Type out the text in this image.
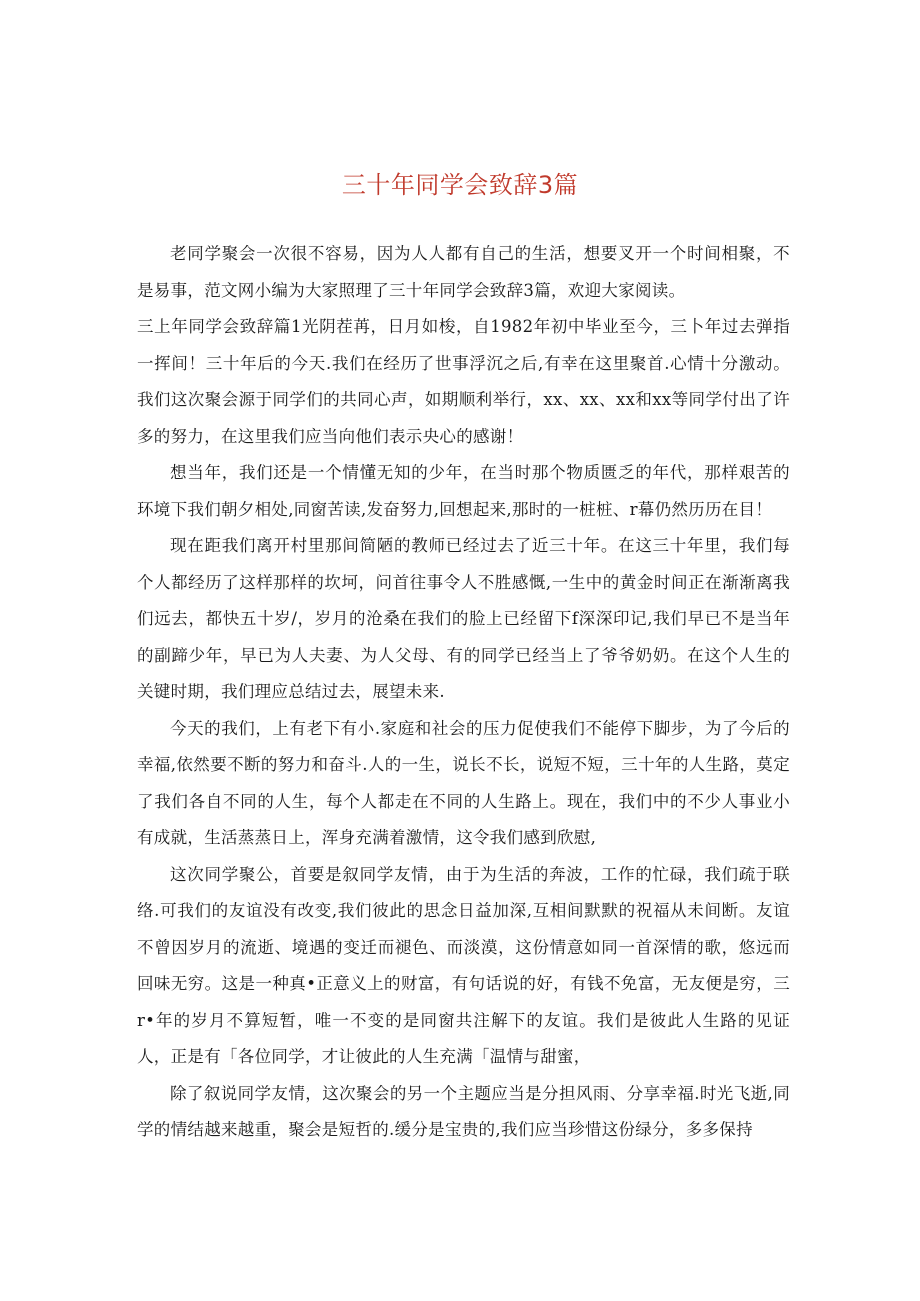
三十年同学会致辞3篇

老同学聚会一次很不容易，因为人人都有自己的生活，想要叉开一个时间相聚，不是易事，范文网小编为大家照理了三十年同学会致辞3篇，欢迎大家阅读。

三上年同学会致辞篇1光阴茬苒，日月如梭，自1982年初中毕业至今，三卜年过去弹指一挥间！三十年后的今天.我们在经历了世事浮沉之后,有幸在这里聚首.心情十分激动。我们这次聚会源于同学们的共同心声，如期顺利举行，xx、xx、xx和xx等同学付出了许多的努力，在这里我们应当向他们表示央心的感谢！

想当年，我们还是一个情懂无知的少年，在当时那个物质匮乏的年代，那样艰苦的环境下我们朝夕相处,同窗苦读,发奋努力,回想起来,那时的一桩桩、r幕仍然历历在目！

现在距我们离开村里那间简陋的教师已经过去了近三十年。在这三十年里，我们每个人都经历了这样那样的坎坷，问首往事令人不胜感慨,一生中的黄金时间正在渐渐离我们远去，都快五十岁/，岁月的沧桑在我们的脸上已经留下f深深印记,我们早已不是当年的副蹄少年，早已为人夫妻、为人父母、有的同学已经当上了爷爷奶奶。在这个人生的关键时期，我们理应总结过去，展望未来.

今天的我们，上有老下有小.家庭和社会的压力促使我们不能停下脚步，为了今后的幸福,依然要不断的努力和奋斗.人的一生，说长不长，说短不短，三十年的人生路，莫定了我们各自不同的人生，每个人都走在不同的人生路上。现在，我们中的不少人事业小有成就，生活蒸蒸日上，浑身充满着激情，这令我们感到欣慰,

这次同学聚公，首要是叙同学友情，由于为生活的奔波，工作的忙碌，我们疏于联络.可我们的友谊没有改变,我们彼此的思念日益加深,互相间默默的祝福从未间断。友谊不曾因岁月的流逝、境遇的变迁而褪色、而淡漠，这份情意如同一首深情的歌，悠远而回味无穷。这是一种真•正意义上的财富，有句话说的好，有钱不免富，无友便是穷，三r•年的岁月不算短暂，唯一不变的是同窗共注解下的友谊。我们是彼此人生路的见证人，正是有「各位同学，才让彼此的人生充满「温情与甜蜜，

除了叙说同学友情，这次聚会的另一个主题应当是分担风雨、分享幸福.时光飞逝,同学的情结越来越重，聚会是短哲的.缓分是宝贵的,我们应当珍惜这份绿分，多多保持
